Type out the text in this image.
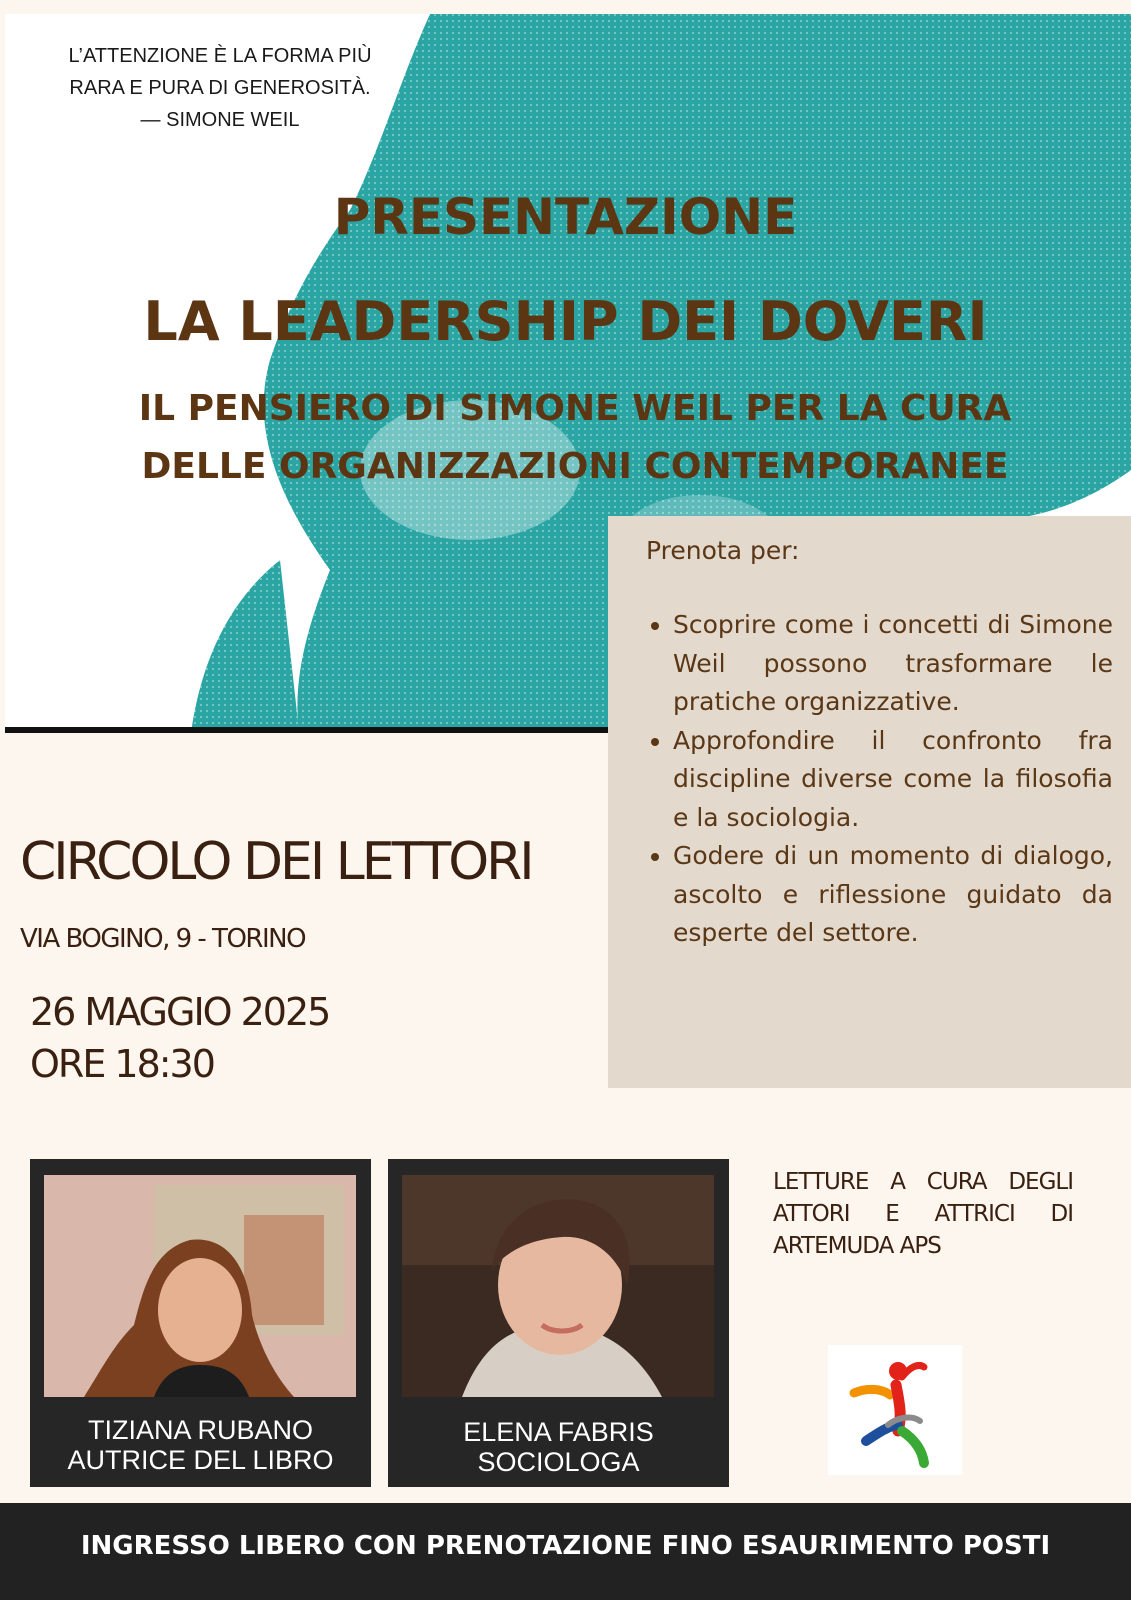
L’ATTENZIONE È LA FORMA PIÙ
RARA E PURA DI GENEROSITÀ.
— SIMONE WEIL
PRESENTAZIONE
LA LEADERSHIP DEI DOVERI
IL PENSIERO DI SIMONE WEIL PER LA CURA
DELLE ORGANIZZAZIONI CONTEMPORANEE
Prenota per:
• Scoprire come i concetti di Simone Weil possono trasformare le pratiche organizzative.
• Approfondire il confronto fra discipline diverse come la filosofia e la sociologia.
• Godere di un momento di dialogo, ascolto e riflessione guidato da esperte del settore.
CIRCOLO DEI LETTORI
VIA BOGINO, 9 - TORINO
26 MAGGIO 2025
ORE 18:30
TIZIANA RUBANO
AUTRICE DEL LIBRO
ELENA FABRIS
SOCIOLOGA
LETTURE A CURA DEGLI ATTORI E ATTRICI DI ARTEMUDA APS
INGRESSO LIBERO CON PRENOTAZIONE FINO ESAURIMENTO POSTI
